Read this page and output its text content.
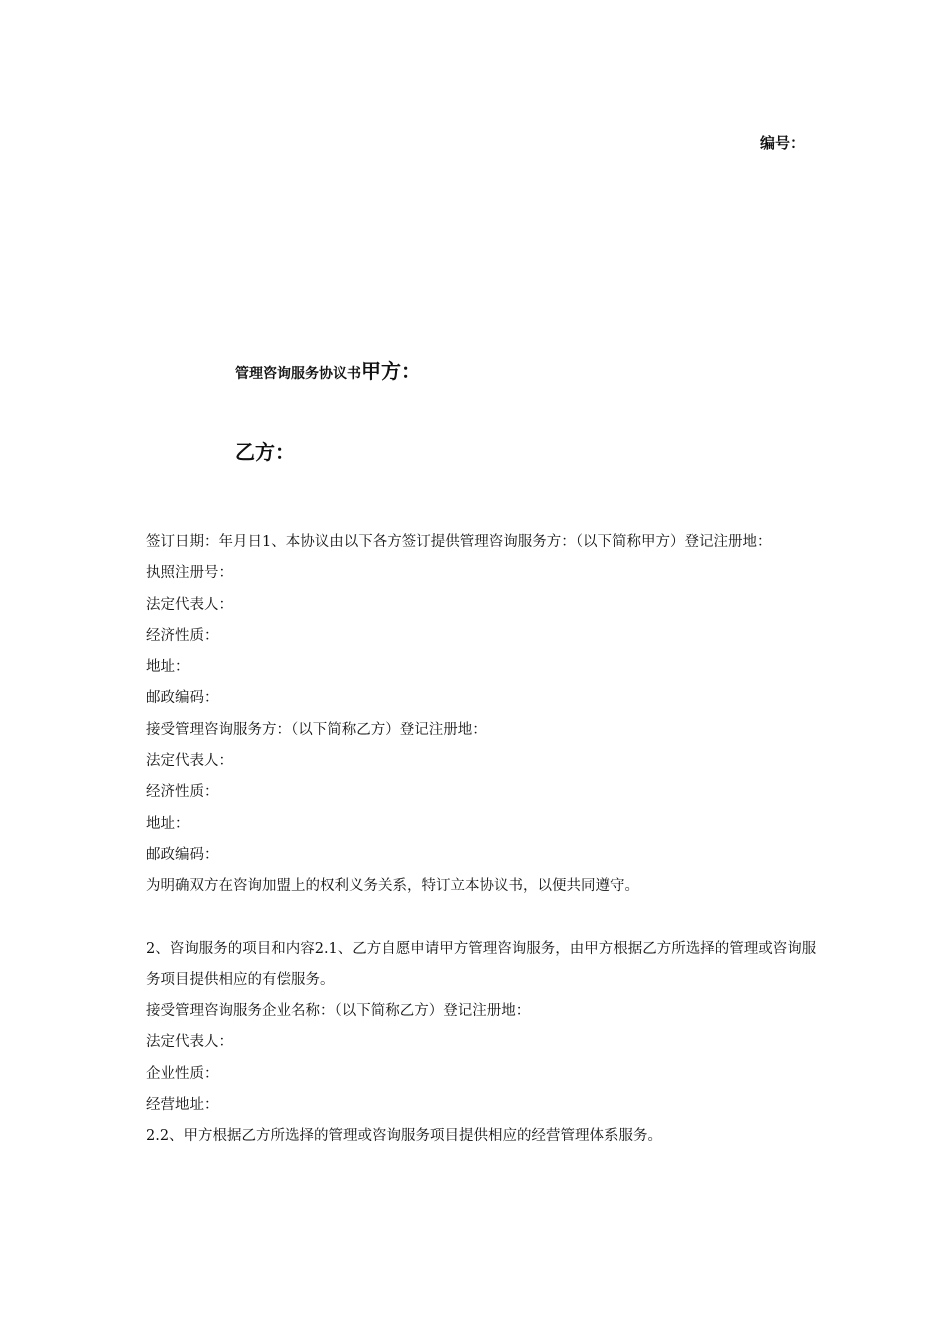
编号：
管理咨询服务协议书甲方：
乙方：

签订日期：年月日1、本协议由以下各方签订提供管理咨询服务方：（以下简称甲方）登记注册地：

执照注册号：

法定代表人：

经济性质：

地址：

邮政编码：

接受管理咨询服务方：（以下简称乙方）登记注册地：

法定代表人：

经济性质：

地址：

邮政编码：

为明确双方在咨询加盟上的权利义务关系，特订立本协议书，以便共同遵守。

2、咨询服务的项目和内容2.1、乙方自愿申请甲方管理咨询服务，由甲方根据乙方所选择的管理或咨询服务项目提供相应的有偿服务。

接受管理咨询服务企业名称：（以下简称乙方）登记注册地：

法定代表人：

企业性质：

经营地址：

2.2、甲方根据乙方所选择的管理或咨询服务项目提供相应的经营管理体系服务。
